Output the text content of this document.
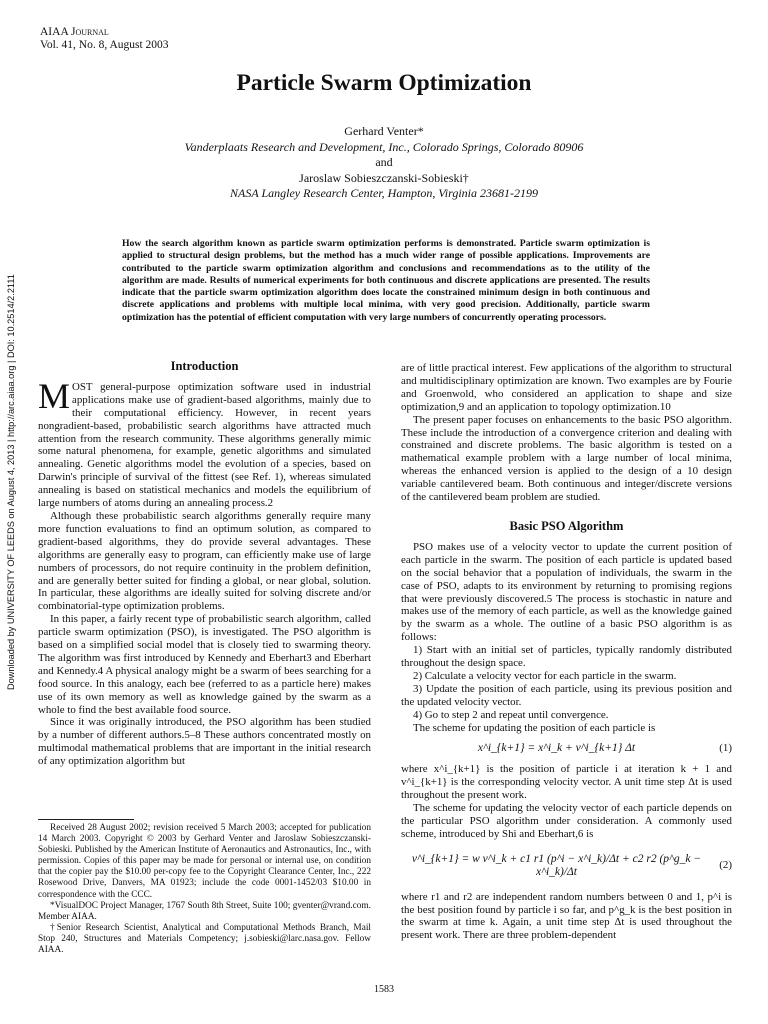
Downloaded by UNIVERSITY OF LEEDS on August 4, 2013 | http://arc.aiaa.org | DOI: 10.2514/2.2111
AIAA Journal
Vol. 41, No. 8, August 2003
Particle Swarm Optimization
Gerhard Venter*
Vanderplaats Research and Development, Inc., Colorado Springs, Colorado 80906
and
Jaroslaw Sobieszczanski-Sobieski†
NASA Langley Research Center, Hampton, Virginia 23681-2199
How the search algorithm known as particle swarm optimization performs is demonstrated. Particle swarm optimization is applied to structural design problems, but the method has a much wider range of possible applications. Improvements are contributed to the particle swarm optimization algorithm and conclusions and recommendations as to the utility of the algorithm are made. Results of numerical experiments for both continuous and discrete applications are presented. The results indicate that the particle swarm optimization algorithm does locate the constrained minimum design in both continuous and discrete applications and problems with multiple local minima, with very good precision. Additionally, particle swarm optimization has the potential of efficient computation with very large numbers of concurrently operating processors.
Introduction

MOST general-purpose optimization software used in industrial applications make use of gradient-based algorithms, mainly due to their computational efficiency. However, in recent years nongradient-based, probabilistic search algorithms have attracted much attention from the research community. These algorithms generally mimic some natural phenomena, for example, genetic algorithms and simulated annealing. Genetic algorithms model the evolution of a species, based on Darwin's principle of survival of the fittest (see Ref. 1), whereas simulated annealing is based on statistical mechanics and models the equilibrium of large numbers of atoms during an annealing process.2

Although these probabilistic search algorithms generally require many more function evaluations to find an optimum solution, as compared to gradient-based algorithms, they do provide several advantages. These algorithms are generally easy to program, can efficiently make use of large numbers of processors, do not require continuity in the problem definition, and are generally better suited for finding a global, or near global, solution. In particular, these algorithms are ideally suited for solving discrete and/or combinatorial-type optimization problems.

In this paper, a fairly recent type of probabilistic search algorithm, called particle swarm optimization (PSO), is investigated. The PSO algorithm is based on a simplified social model that is closely tied to swarming theory. The algorithm was first introduced by Kennedy and Eberhart3 and Eberhart and Kennedy.4 A physical analogy might be a swarm of bees searching for a food source. In this analogy, each bee (referred to as a particle here) makes use of its own memory as well as knowledge gained by the swarm as a whole to find the best available food source.

Since it was originally introduced, the PSO algorithm has been studied by a number of different authors.5–8 These authors concentrated mostly on multimodal mathematical problems that are important in the initial research of any optimization algorithm but

Received 28 August 2002; revision received 5 March 2003; accepted for publication 14 March 2003. Copyright © 2003 by Gerhard Venter and Jaroslaw Sobieszczanski-Sobieski. Published by the American Institute of Aeronautics and Astronautics, Inc., with permission. Copies of this paper may be made for personal or internal use, on condition that the copier pay the $10.00 per-copy fee to the Copyright Clearance Center, Inc., 222 Rosewood Drive, Danvers, MA 01923; include the code 0001-1452/03 $10.00 in correspondence with the CCC.

*VisualDOC Project Manager, 1767 South 8th Street, Suite 100; gventer@vrand.com. Member AIAA.

†Senior Research Scientist, Analytical and Computational Methods Branch, Mail Stop 240, Structures and Materials Competency; j.sobieski@larc.nasa.gov. Fellow AIAA.

are of little practical interest. Few applications of the algorithm to structural and multidisciplinary optimization are known. Two examples are by Fourie and Groenwold, who considered an application to shape and size optimization,9 and an application to topology optimization.10

The present paper focuses on enhancements to the basic PSO algorithm. These include the introduction of a convergence criterion and dealing with constrained and discrete problems. The basic algorithm is tested on a mathematical example problem with a large number of local minima, whereas the enhanced version is applied to the design of a 10 design variable cantilevered beam. Both continuous and integer/discrete versions of the cantilevered beam problem are studied.

Basic PSO Algorithm

PSO makes use of a velocity vector to update the current position of each particle in the swarm. The position of each particle is updated based on the social behavior that a population of individuals, the swarm in the case of PSO, adapts to its environment by returning to promising regions that were previously discovered.5 The process is stochastic in nature and makes use of the memory of each particle, as well as the knowledge gained by the swarm as a whole. The outline of a basic PSO algorithm is as follows:

1) Start with an initial set of particles, typically randomly distributed throughout the design space.

2) Calculate a velocity vector for each particle in the swarm.

3) Update the position of each particle, using its previous position and the updated velocity vector.

4) Go to step 2 and repeat until convergence.

The scheme for updating the position of each particle is

x^i_{k+1} = x^i_k + v^i_{k+1} Δt	(1)

where x^i_{k+1} is the position of particle i at iteration k + 1 and v^i_{k+1} is the corresponding velocity vector. A unit time step Δt is used throughout the present work.

The scheme for updating the velocity vector of each particle depends on the particular PSO algorithm under consideration. A commonly used scheme, introduced by Shi and Eberhart,6 is

v^i_{k+1} = w v^i_k + c1 r1 (p^i − x^i_k)/Δt + c2 r2 (p^g_k − x^i_k)/Δt
(2)

where r1 and r2 are independent random numbers between 0 and 1, p^i is the best position found by particle i so far, and p^g_k is the best position in the swarm at time k. Again, a unit time step Δt is used throughout the present work. There are three problem-dependent

1583
